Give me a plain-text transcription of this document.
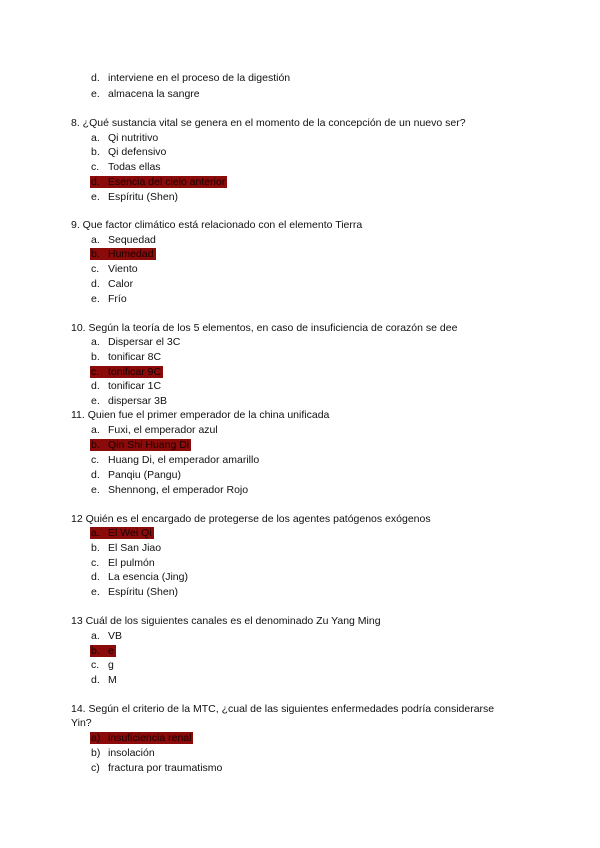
d. interviene en el proceso de la digestión
e. almacena la sangre
8. ¿Qué sustancia vital se genera en el momento de la concepción de un nuevo ser?
a. Qi nutritivo
b. Qi defensivo
c. Todas ellas
d. Esencia del cielo anterior
e. Espíritu (Shen)
9. Que factor climático está relacionado con el elemento Tierra
a. Sequedad
b. Humedad
c. Viento
d. Calor
e. Frío
10. Según la teoría de los 5 elementos, en caso de insuficiencia de corazón se dee
a. Dispersar el 3C
b. tonificar 8C
c. tonificar 9C
d. tonificar 1C
e. dispersar 3B
11. Quien fue el primer emperador de la china unificada
a. Fuxi, el emperador azul
b. Qin Shi Huang Di
c. Huang Di, el emperador amarillo
d. Panqiu (Pangu)
e. Shennong, el emperador Rojo
12 Quién es el encargado de protegerse de los agentes patógenos exógenos
a. El Wei Qi
b. El San Jiao
c. El pulmón
d. La esencia (Jing)
e. Espíritu (Shen)
13 Cuál de los siguientes canales es el denominado Zu Yang Ming
a. VB
b. e
c. g
d. M
14. Según el criterio de la MTC, ¿cual de las siguientes enfermedades podría considerarse
Yin?
a) insuficiencia renal
b) insolación
c) fractura por traumatismo
